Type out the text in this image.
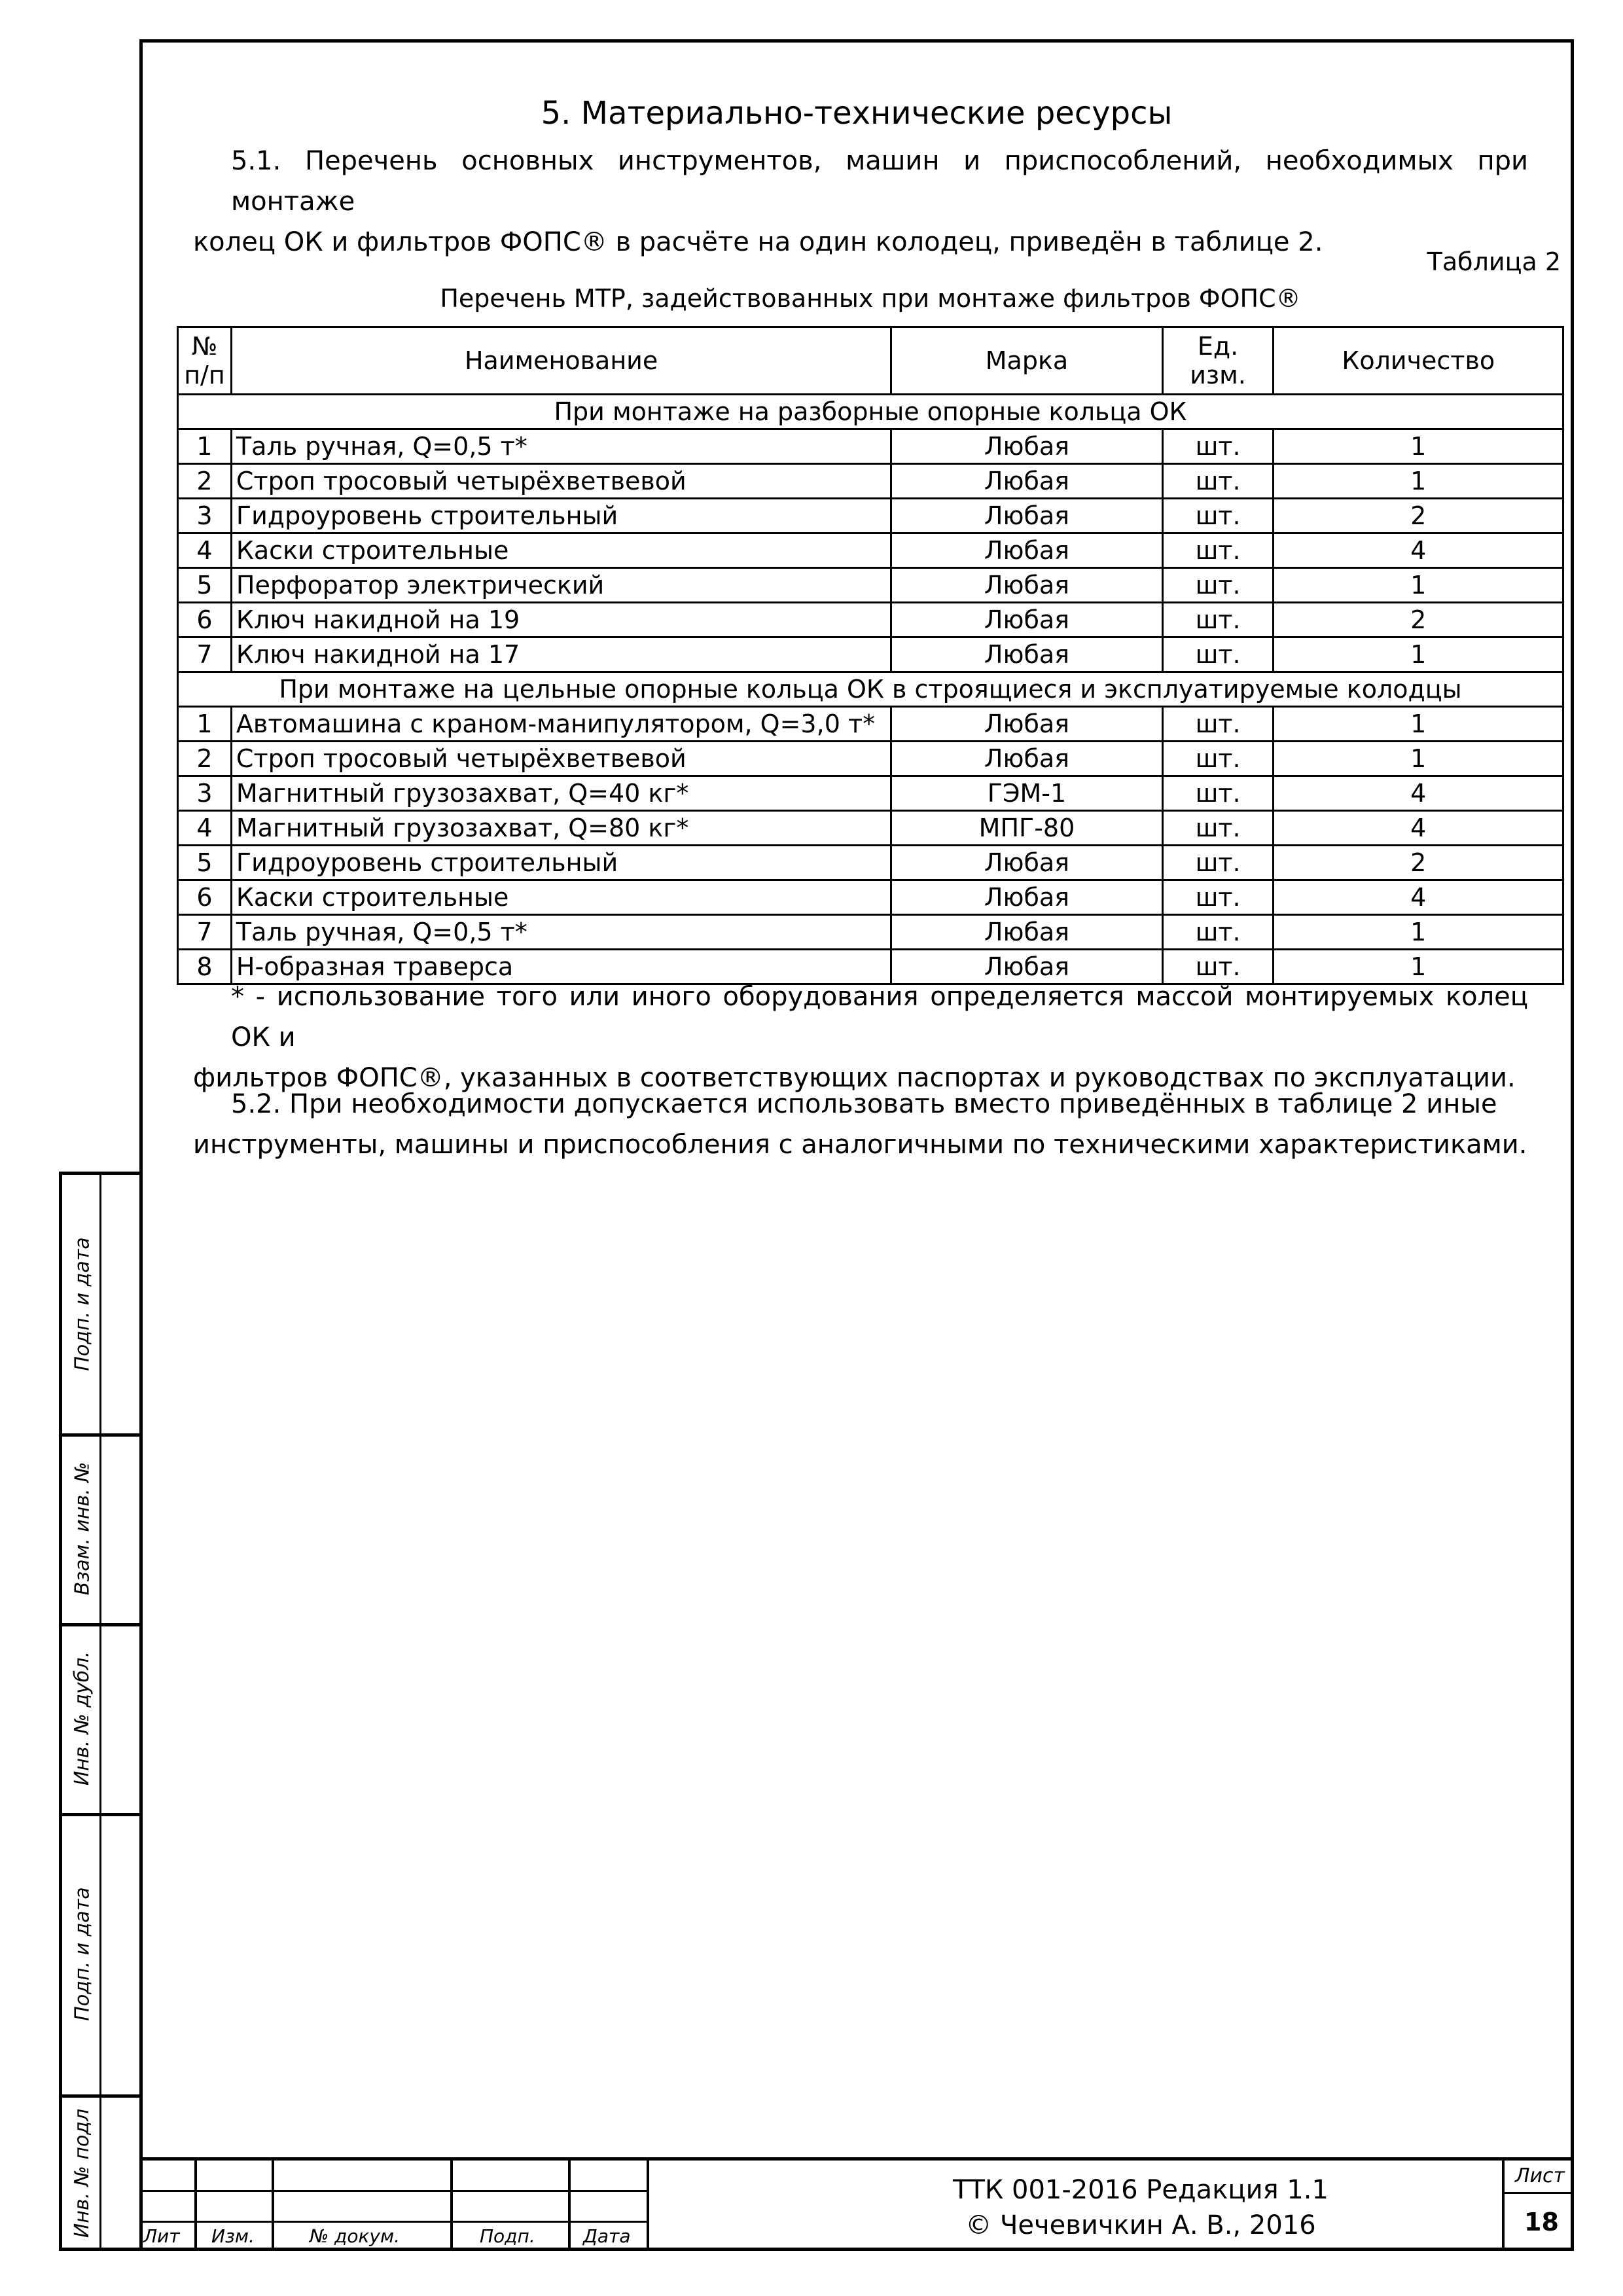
Подп. и дата
Взам. инв. №
Инв. № дубл.
Подп. и дата
Инв. № подл
5. Материально-технические ресурсы
5.1. Перечень основных инструментов, машин и приспособлений, необходимых при монтаже
колец ОК и фильтров ФОПС® в расчёте на один колодец, приведён в таблице 2.
Таблица 2
Перечень МТР, задействованных при монтаже фильтров ФОПС®
№ п/п	Наименование	Марка	Ед. изм.	Количество
При монтаже на разборные опорные кольца ОК				
1	Таль ручная, Q=0,5 т*	Любая	шт.	1
2	Строп тросовый четырёхветвевой	Любая	шт.	1
3	Гидроуровень строительный	Любая	шт.	2
4	Каски строительные	Любая	шт.	4
5	Перфоратор электрический	Любая	шт.	1
6	Ключ накидной на 19	Любая	шт.	2
7	Ключ накидной на 17	Любая	шт.	1
При монтаже на цельные опорные кольца ОК в строящиеся и эксплуатируемые колодцы				
1	Автомашина с краном-манипулятором, Q=3,0 т*	Любая	шт.	1
2	Строп тросовый четырёхветвевой	Любая	шт.	1
3	Магнитный грузозахват, Q=40 кг*	ГЭМ-1	шт.	4
4	Магнитный грузозахват, Q=80 кг*	МПГ-80	шт.	4
5	Гидроуровень строительный	Любая	шт.	2
6	Каски строительные	Любая	шт.	4
7	Таль ручная, Q=0,5 т*	Любая	шт.	1
8	Н-образная траверса	Любая	шт.	1
* - использование того или иного оборудования определяется массой монтируемых колец ОК и
фильтров ФОПС®, указанных в соответствующих паспортах и руководствах по эксплуатации.
5.2. При необходимости допускается использовать вместо приведённых в таблице 2 иные
инструменты, машины и приспособления с аналогичными по техническими характеристиками.
Лит Изм.	№ докум.	Подп.	Дата
ТТК 001-2016 Редакция 1.1
© Чечевичкин А. В., 2016
Лист
18
